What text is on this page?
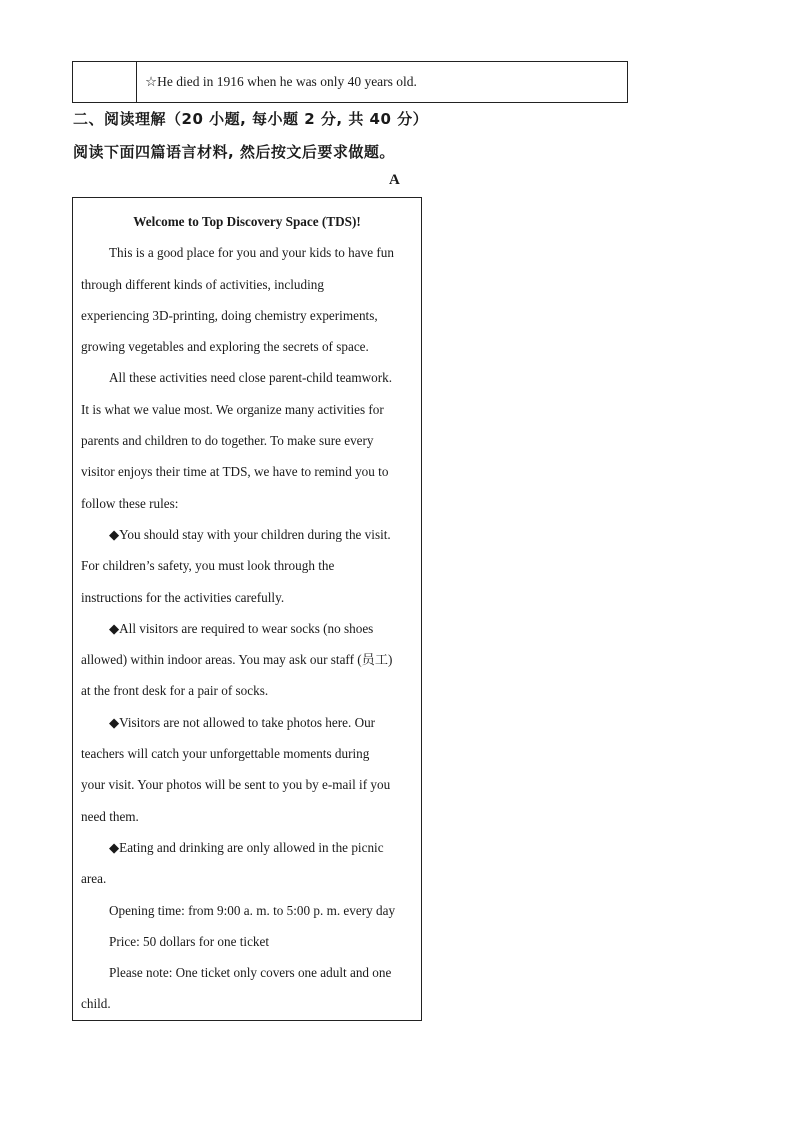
☆He died in 1916 when he was only 40 years old.
二、阅读理解（20 小题, 每小题 2 分, 共 40 分）
阅读下面四篇语言材料, 然后按文后要求做题。
A
Welcome to Top Discovery Space (TDS)!
This is a good place for you and your kids to have fun
through different kinds of activities, including
experiencing 3D-printing, doing chemistry experiments,
growing vegetables and exploring the secrets of space.
All these activities need close parent-child teamwork.
It is what we value most. We organize many activities for
parents and children to do together. To make sure every
visitor enjoys their time at TDS, we have to remind you to
follow these rules:
◆You should stay with your children during the visit.
For children’s safety, you must look through the
instructions for the activities carefully.
◆All visitors are required to wear socks (no shoes
allowed) within indoor areas. You may ask our staff (员工)
at the front desk for a pair of socks.
◆Visitors are not allowed to take photos here. Our
teachers will catch your unforgettable moments during
your visit. Your photos will be sent to you by e-mail if you
need them.
◆Eating and drinking are only allowed in the picnic
area.
Opening time: from 9:00 a. m. to 5:00 p. m. every day
Price: 50 dollars for one ticket
Please note: One ticket only covers one adult and one
child.
